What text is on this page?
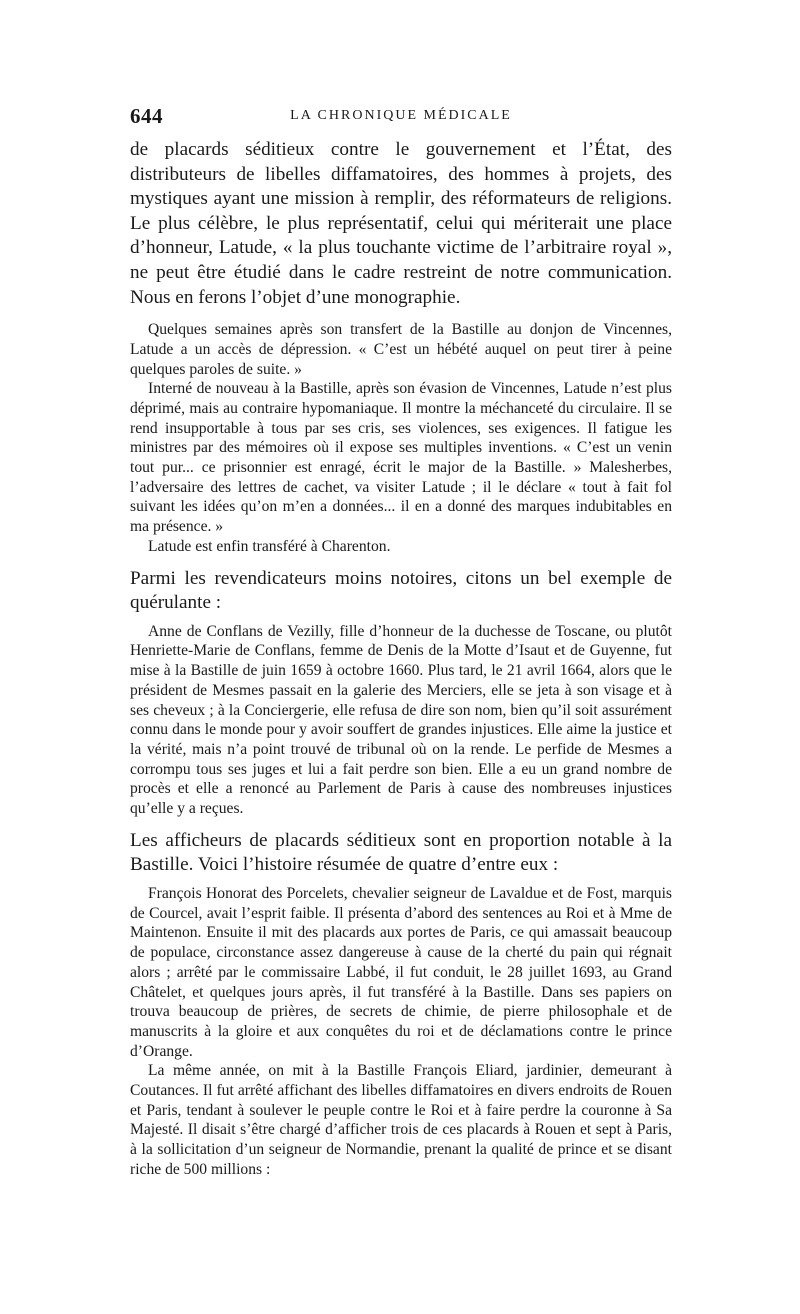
644	LA CHRONIQUE MÉDICALE

de placards séditieux contre le gouvernement et l’État, des distributeurs de libelles diffamatoires, des hommes à projets, des mystiques ayant une mission à remplir, des réformateurs de religions. Le plus célèbre, le plus représentatif, celui qui mériterait une place d’honneur, Latude, « la plus touchante victime de l’arbitraire royal », ne peut être étudié dans le cadre restreint de notre communication. Nous en ferons l’objet d’une monographie.

Quelques semaines après son transfert de la Bastille au donjon de Vincennes, Latude a un accès de dépression. « C’est un hébété auquel on peut tirer à peine quelques paroles de suite. »

Interné de nouveau à la Bastille, après son évasion de Vincennes, Latude n’est plus déprimé, mais au contraire hypomaniaque. Il montre la méchanceté du circulaire. Il se rend insupportable à tous par ses cris, ses violences, ses exigences. Il fatigue les ministres par des mémoires où il expose ses multiples inventions. « C’est un venin tout pur... ce prisonnier est enragé, écrit le major de la Bastille. » Malesherbes, l’adversaire des lettres de cachet, va visiter Latude ; il le déclare « tout à fait fol suivant les idées qu’on m’en a données... il en a donné des marques indubitables en ma présence. »

Latude est enfin transféré à Charenton.

Parmi les revendicateurs moins notoires, citons un bel exemple de quérulante :

Anne de Conflans de Vezilly, fille d’honneur de la duchesse de Toscane, ou plutôt Henriette-Marie de Conflans, femme de Denis de la Motte d’Isaut et de Guyenne, fut mise à la Bastille de juin 1659 à octobre 1660. Plus tard, le 21 avril 1664, alors que le président de Mesmes passait en la galerie des Merciers, elle se jeta à son visage et à ses cheveux ; à la Conciergerie, elle refusa de dire son nom, bien qu’il soit assurément connu dans le monde pour y avoir souffert de grandes injustices. Elle aime la justice et la vérité, mais n’a point trouvé de tribunal où on la rende. Le perfide de Mesmes a corrompu tous ses juges et lui a fait perdre son bien. Elle a eu un grand nombre de procès et elle a renoncé au Parlement de Paris à cause des nombreuses injustices qu’elle y a reçues.

Les afficheurs de placards séditieux sont en proportion notable à la Bastille. Voici l’histoire résumée de quatre d’entre eux :

François Honorat des Porcelets, chevalier seigneur de Lavaldue et de Fost, marquis de Courcel, avait l’esprit faible. Il présenta d’abord des sentences au Roi et à Mme de Maintenon. Ensuite il mit des placards aux portes de Paris, ce qui amassait beaucoup de populace, circonstance assez dangereuse à cause de la cherté du pain qui régnait alors ; arrêté par le commissaire Labbé, il fut conduit, le 28 juillet 1693, au Grand Châtelet, et quelques jours après, il fut transféré à la Bastille. Dans ses papiers on trouva beaucoup de prières, de secrets de chimie, de pierre philosophale et de manuscrits à la gloire et aux conquêtes du roi et de déclamations contre le prince d’Orange.

La même année, on mit à la Bastille François Eliard, jardinier, demeurant à Coutances. Il fut arrêté affichant des libelles diffamatoires en divers endroits de Rouen et Paris, tendant à soulever le peuple contre le Roi et à faire perdre la couronne à Sa Majesté. Il disait s’être chargé d’afficher trois de ces placards à Rouen et sept à Paris, à la sollicitation d’un seigneur de Normandie, prenant la qualité de prince et se disant riche de 500 millions :
